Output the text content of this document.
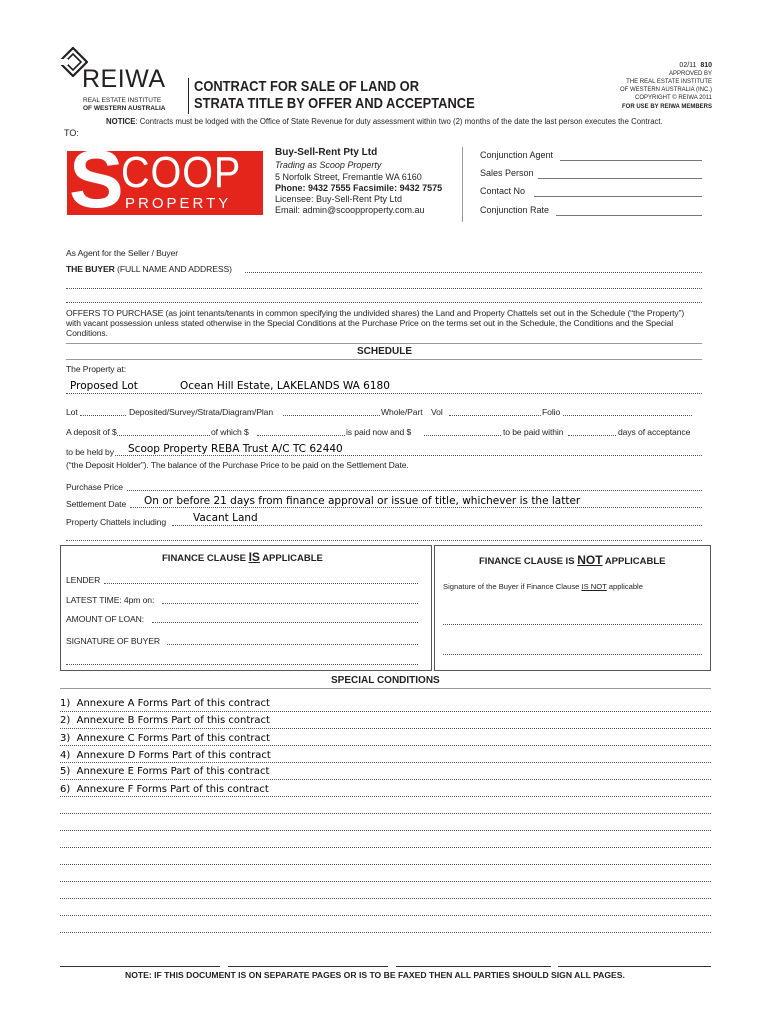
REIWA
REAL ESTATE INSTITUTE
OF WESTERN AUSTRALIA
CONTRACT FOR SALE OF LAND OR
STRATA TITLE BY OFFER AND ACCEPTANCE
02/11 810
APPROVED BY
THE REAL ESTATE INSTITUTE
OF WESTERN AUSTRALIA (INC.)
COPYRIGHT © REIWA 2011
FOR USE BY REIWA MEMBERS
NOTICE: Contracts must be lodged with the Office of State Revenue for duty assessment within two (2) months of the date the last person executes the Contract.
TO:
S
COOP
PROPERTY
Buy-Sell-Rent Pty Ltd
Trading as Scoop Property
5 Norfolk Street, Fremantle WA 6160
Phone: 9432 7555 Facsimile: 9432 7575
Licensee: Buy-Sell-Rent Pty Ltd
Email: admin@scoopproperty.com.au
Conjunction Agent
Sales Person
Contact No
Conjunction Rate
As Agent for the Seller / Buyer
THE BUYER (FULL NAME AND ADDRESS)
OFFERS TO PURCHASE (as joint tenants/tenants in common specifying the undivided shares) the Land and Property Chattels set out in the Schedule (“the Property”)
with vacant possession unless stated otherwise in the Special Conditions at the Purchase Price on the terms set out in the Schedule, the Conditions and the Special
Conditions.
SCHEDULE
The Property at:
Proposed Lot	Ocean Hill Estate, LAKELANDS WA 6180
Lot	Deposited/Survey/Strata/Diagram/Plan	Whole/Part Vol	Folio
A deposit of $	of which $	is paid now and $	to be paid within	days of acceptance
to be held by Scoop Property REBA Trust A/C TC 62440
(“the Deposit Holder”). The balance of the Purchase Price to be paid on the Settlement Date.
Purchase Price
Settlement Date On or before 21 days from finance approval or issue of title, whichever is the latter
Property Chattels including	Vacant Land
FINANCE CLAUSE IS APPLICABLE
LENDER
LATEST TIME: 4pm on:
AMOUNT OF LOAN:
SIGNATURE OF BUYER
FINANCE CLAUSE IS NOT APPLICABLE
Signature of the Buyer if Finance Clause IS NOT applicable
SPECIAL CONDITIONS
1) Annexure A Forms Part of this contract
2) Annexure B Forms Part of this contract
3) Annexure C Forms Part of this contract
4) Annexure D Forms Part of this contract
5) Annexure E Forms Part of this contract
6) Annexure F Forms Part of this contract
NOTE: IF THIS DOCUMENT IS ON SEPARATE PAGES OR IS TO BE FAXED THEN ALL PARTIES SHOULD SIGN ALL PAGES.
